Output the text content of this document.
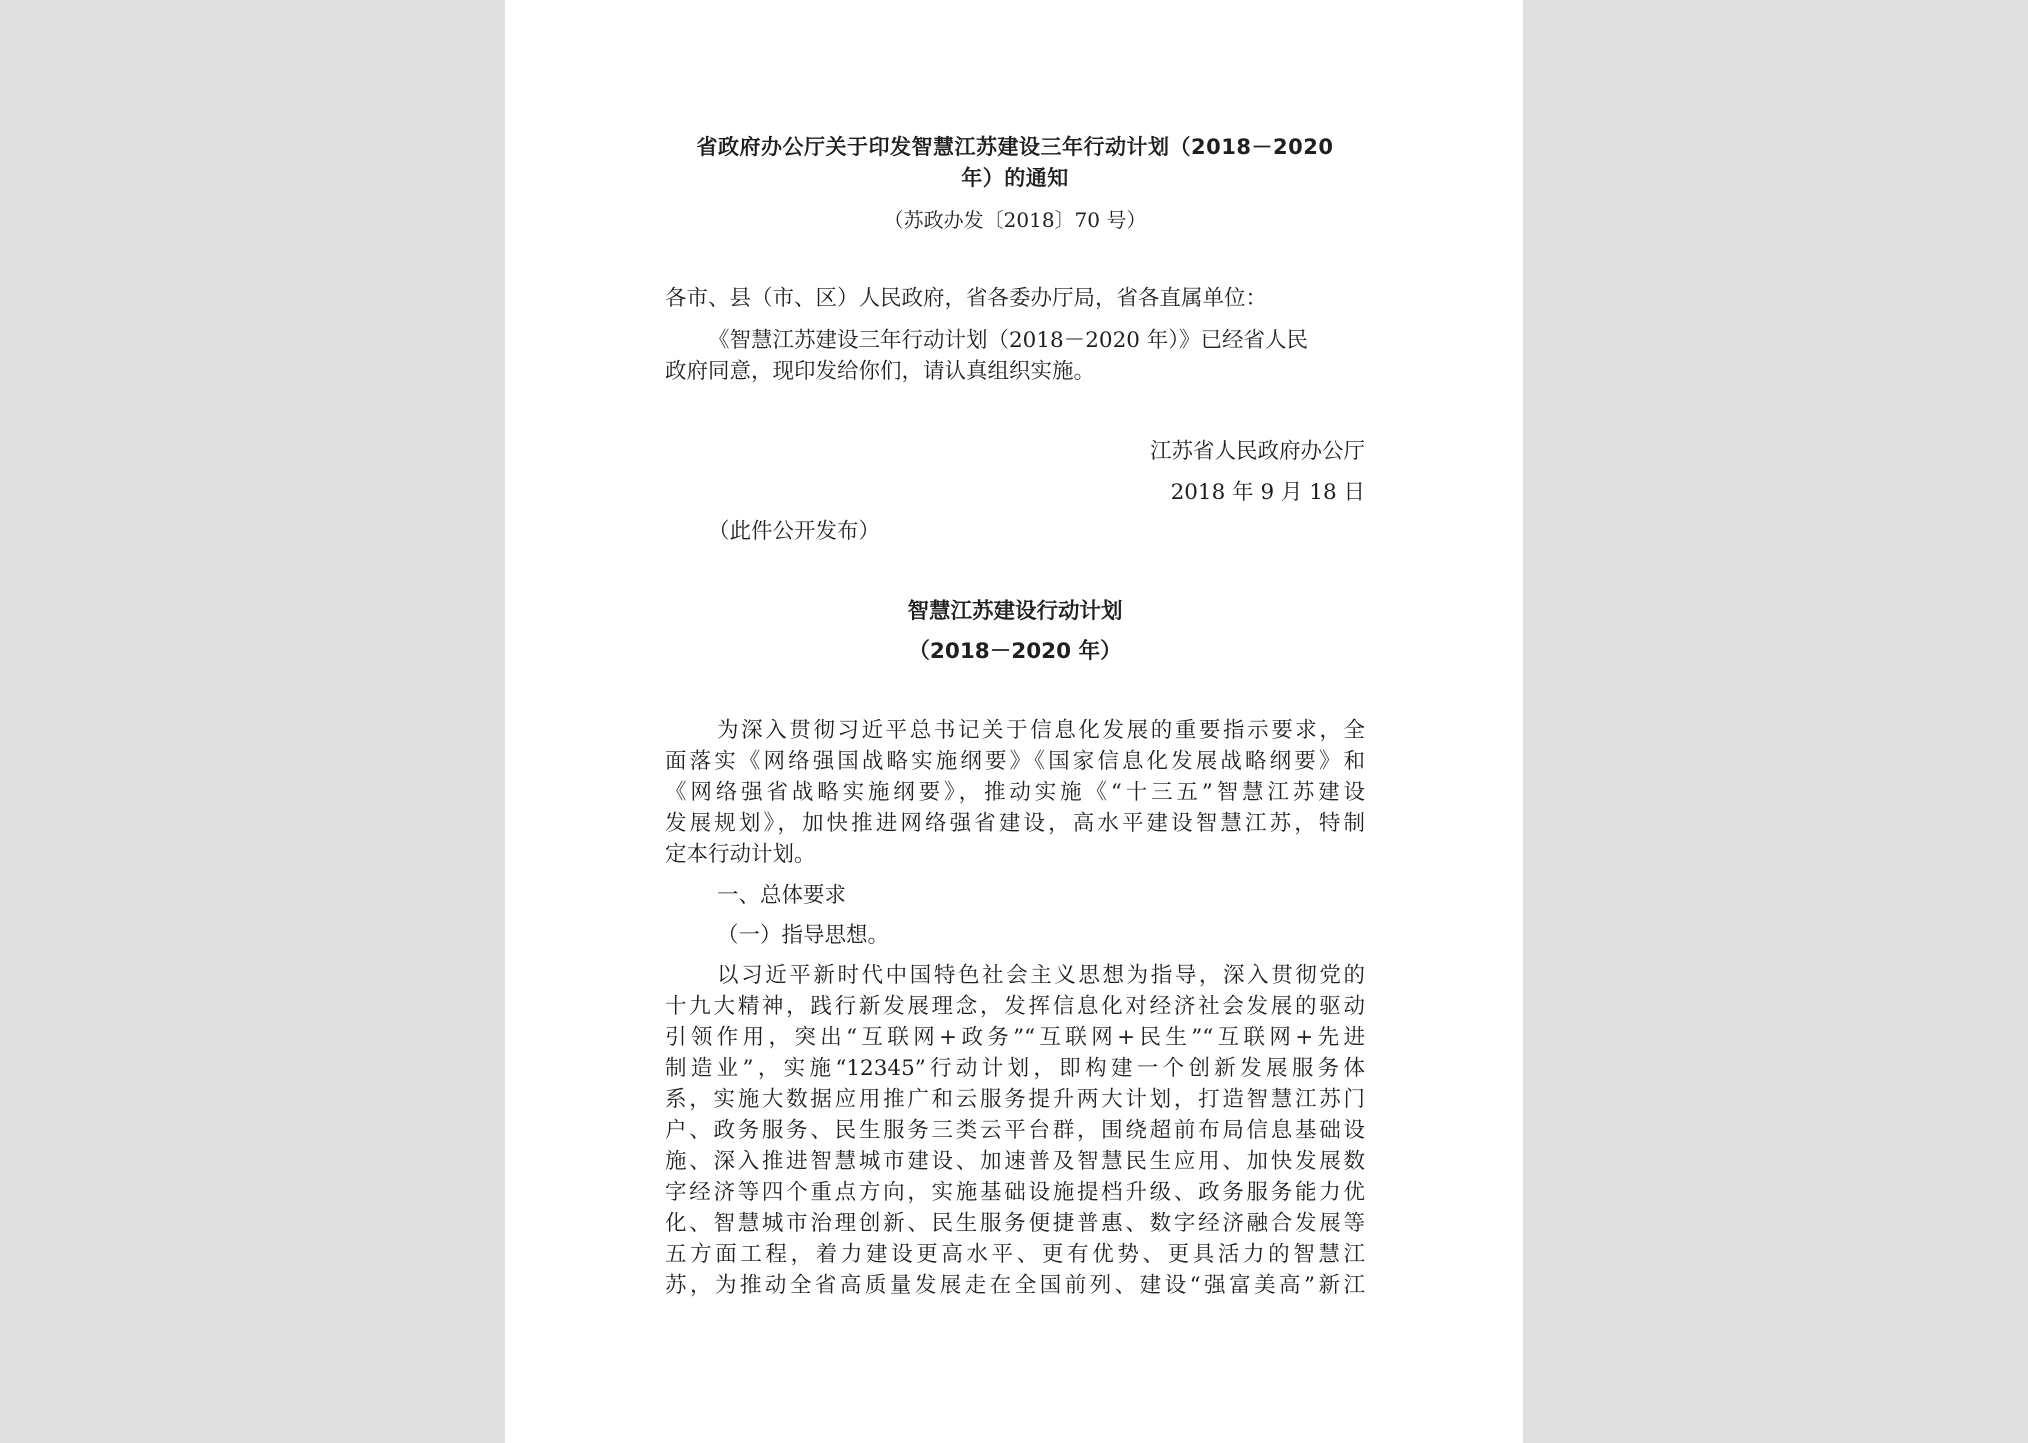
省政府办公厅关于印发智慧江苏建设三年行动计划（2018－2020
年）的通知
（苏政办发〔2018〕70 号）
各市、县（市、区）人民政府，省各委办厅局，省各直属单位：
《智慧江苏建设三年行动计划（2018－2020 年）》已经省人民
政府同意，现印发给你们，请认真组织实施。
江苏省人民政府办公厅
2018 年 9 月 18 日
（此件公开发布）
智慧江苏建设行动计划
（2018－2020 年）
为深入贯彻习近平总书记关于信息化发展的重要指示要求，全
面落实《网络强国战略实施纲要》《国家信息化发展战略纲要》和
《网络强省战略实施纲要》，推动实施《“十三五”智慧江苏建设
发展规划》，加快推进网络强省建设，高水平建设智慧江苏，特制
定本行动计划。
一、总体要求
（一）指导思想。
以习近平新时代中国特色社会主义思想为指导，深入贯彻党的
十九大精神，践行新发展理念，发挥信息化对经济社会发展的驱动
引领作用，突出“互联网+政务”“互联网+民生”“互联网+先进
制造业”，实施“12345”行动计划，即构建一个创新发展服务体
系，实施大数据应用推广和云服务提升两大计划，打造智慧江苏门
户、政务服务、民生服务三类云平台群，围绕超前布局信息基础设
施、深入推进智慧城市建设、加速普及智慧民生应用、加快发展数
字经济等四个重点方向，实施基础设施提档升级、政务服务能力优
化、智慧城市治理创新、民生服务便捷普惠、数字经济融合发展等
五方面工程，着力建设更高水平、更有优势、更具活力的智慧江
苏，为推动全省高质量发展走在全国前列、建设“强富美高”新江
